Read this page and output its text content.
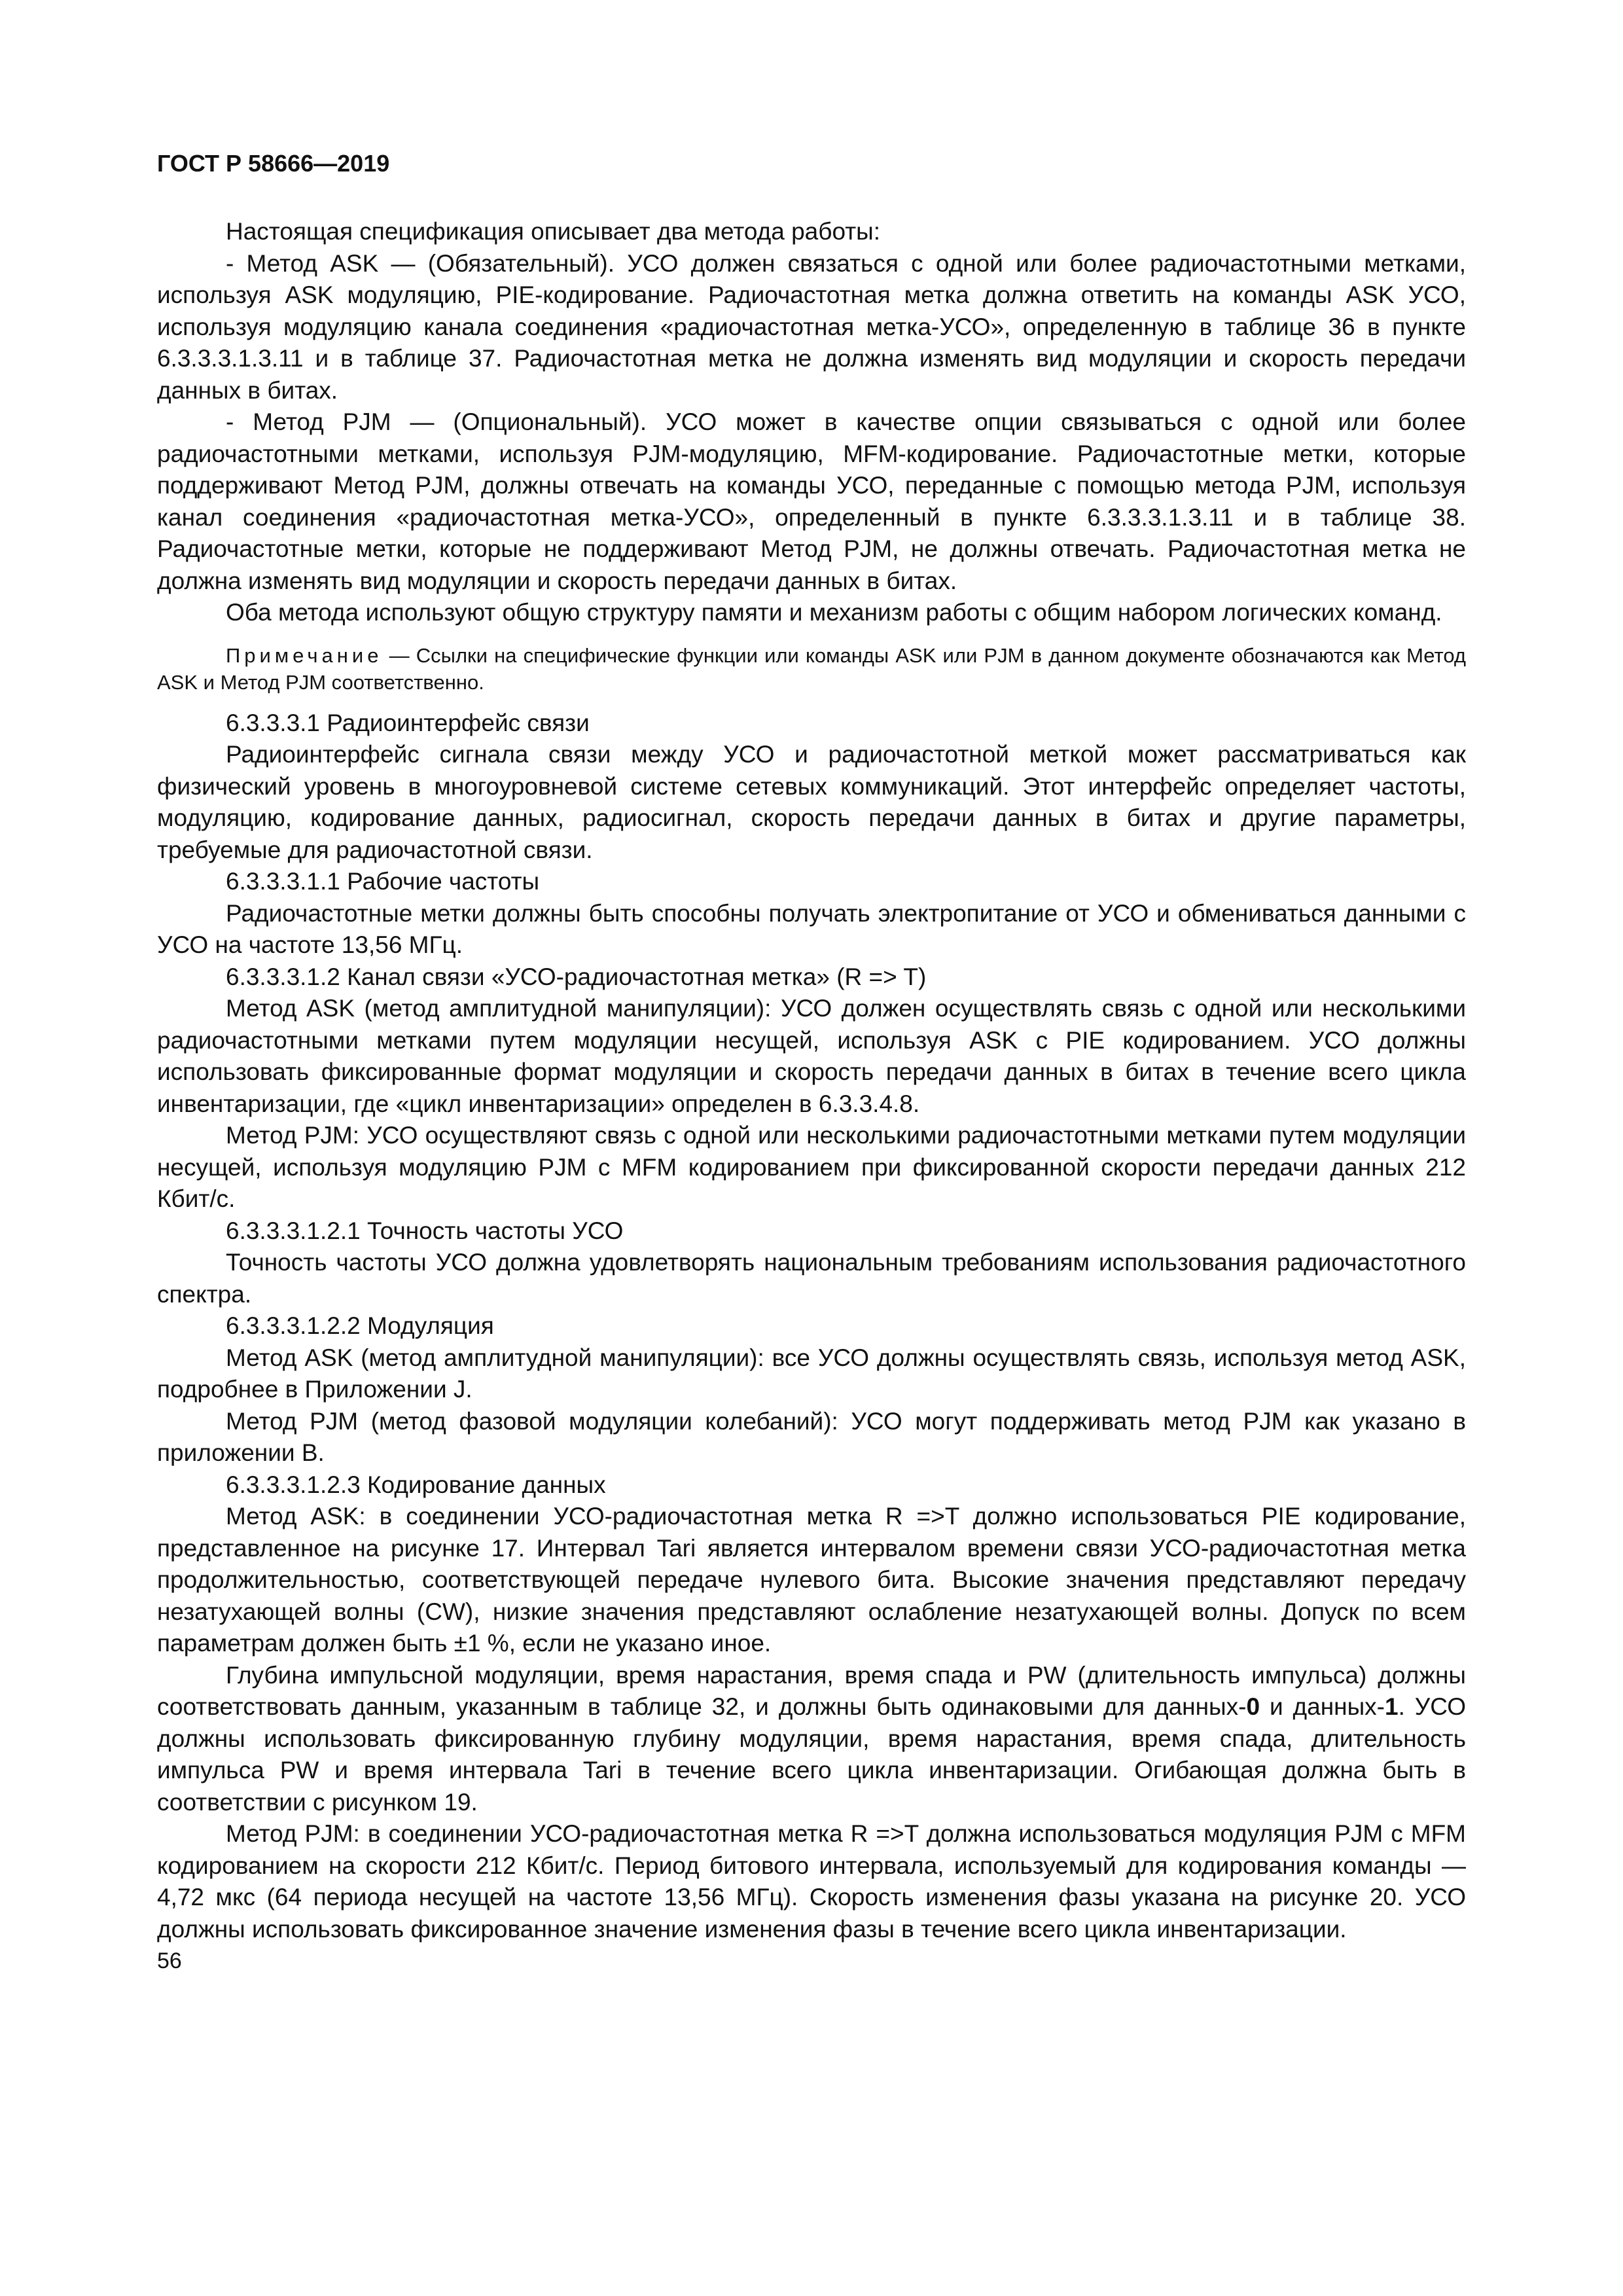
ГОСТ Р 58666—2019

Настоящая спецификация описывает два метода работы:

- Метод ASK — (Обязательный). УСО должен связаться с одной или более радиочастотными метками, используя ASK модуляцию, PIE-кодирование. Радиочастотная метка должна ответить на команды ASK УСО, используя модуляцию канала соединения «радиочастотная метка-УСО», определенную в таблице 36 в пункте 6.3.3.3.1.3.11 и в таблице 37. Радиочастотная метка не должна изменять вид модуляции и скорость передачи данных в битах.

- Метод PJM — (Опциональный). УСО может в качестве опции связываться с одной или более радиочастотными метками, используя PJM-модуляцию, MFM-кодирование. Радиочастотные метки, которые поддерживают Метод PJM, должны отвечать на команды УСО, переданные с помощью метода PJM, используя канал соединения «радиочастотная метка-УСО», определенный в пункте 6.3.3.3.1.3.11 и в таблице 38. Радиочастотные метки, которые не поддерживают Метод PJM, не должны отвечать. Радиочастотная метка не должна изменять вид модуляции и скорость передачи данных в битах.

Оба метода используют общую структуру памяти и механизм работы с общим набором логических команд.

Примечание — Ссылки на специфические функции или команды ASK или PJM в данном документе обозначаются как Метод ASK и Метод PJM соответственно.

6.3.3.3.1 Радиоинтерфейс связи

Радиоинтерфейс сигнала связи между УСО и радиочастотной меткой может рассматриваться как физический уровень в многоуровневой системе сетевых коммуникаций. Этот интерфейс определяет частоты, модуляцию, кодирование данных, радиосигнал, скорость передачи данных в битах и другие параметры, требуемые для радиочастотной связи.

6.3.3.3.1.1 Рабочие частоты

Радиочастотные метки должны быть способны получать электропитание от УСО и обмениваться данными с УСО на частоте 13,56 МГц.

6.3.3.3.1.2 Канал связи «УСО-радиочастотная метка» (R => T)

Метод ASK (метод амплитудной манипуляции): УСО должен осуществлять связь с одной или несколькими радиочастотными метками путем модуляции несущей, используя ASK с PIE кодированием. УСО должны использовать фиксированные формат модуляции и скорость передачи данных в битах в течение всего цикла инвентаризации, где «цикл инвентаризации» определен в 6.3.3.4.8.

Метод PJM: УСО осуществляют связь с одной или несколькими радиочастотными метками путем модуляции несущей, используя модуляцию PJM с MFM кодированием при фиксированной скорости передачи данных 212 Кбит/с.

6.3.3.3.1.2.1 Точность частоты УСО

Точность частоты УСО должна удовлетворять национальным требованиям использования радиочастотного спектра.

6.3.3.3.1.2.2 Модуляция

Метод ASK (метод амплитудной манипуляции): все УСО должны осуществлять связь, используя метод ASK, подробнее в Приложении J.

Метод PJM (метод фазовой модуляции колебаний): УСО могут поддерживать метод PJM как указано в приложении B.

6.3.3.3.1.2.3 Кодирование данных

Метод ASK: в соединении УСО-радиочастотная метка R =>T должно использоваться PIE кодирование, представленное на рисунке 17. Интервал Tari является интервалом времени связи УСО-радиочастотная метка продолжительностью, соответствующей передаче нулевого бита. Высокие значения представляют передачу незатухающей волны (CW), низкие значения представляют ослабление незатухающей волны. Допуск по всем параметрам должен быть ±1 %, если не указано иное.

Глубина импульсной модуляции, время нарастания, время спада и PW (длительность импульса) должны соответствовать данным, указанным в таблице 32, и должны быть одинаковыми для данных-0 и данных-1. УСО должны использовать фиксированную глубину модуляции, время нарастания, время спада, длительность импульса PW и время интервала Tari в течение всего цикла инвентаризации. Огибающая должна быть в соответствии с рисунком 19.

Метод PJM: в соединении УСО-радиочастотная метка R =>T должна использоваться модуляция PJM с MFM кодированием на скорости 212 Кбит/с. Период битового интервала, используемый для кодирования команды — 4,72 мкс (64 периода несущей на частоте 13,56 МГц). Скорость изменения фазы указана на рисунке 20. УСО должны использовать фиксированное значение изменения фазы в течение всего цикла инвентаризации.

56
